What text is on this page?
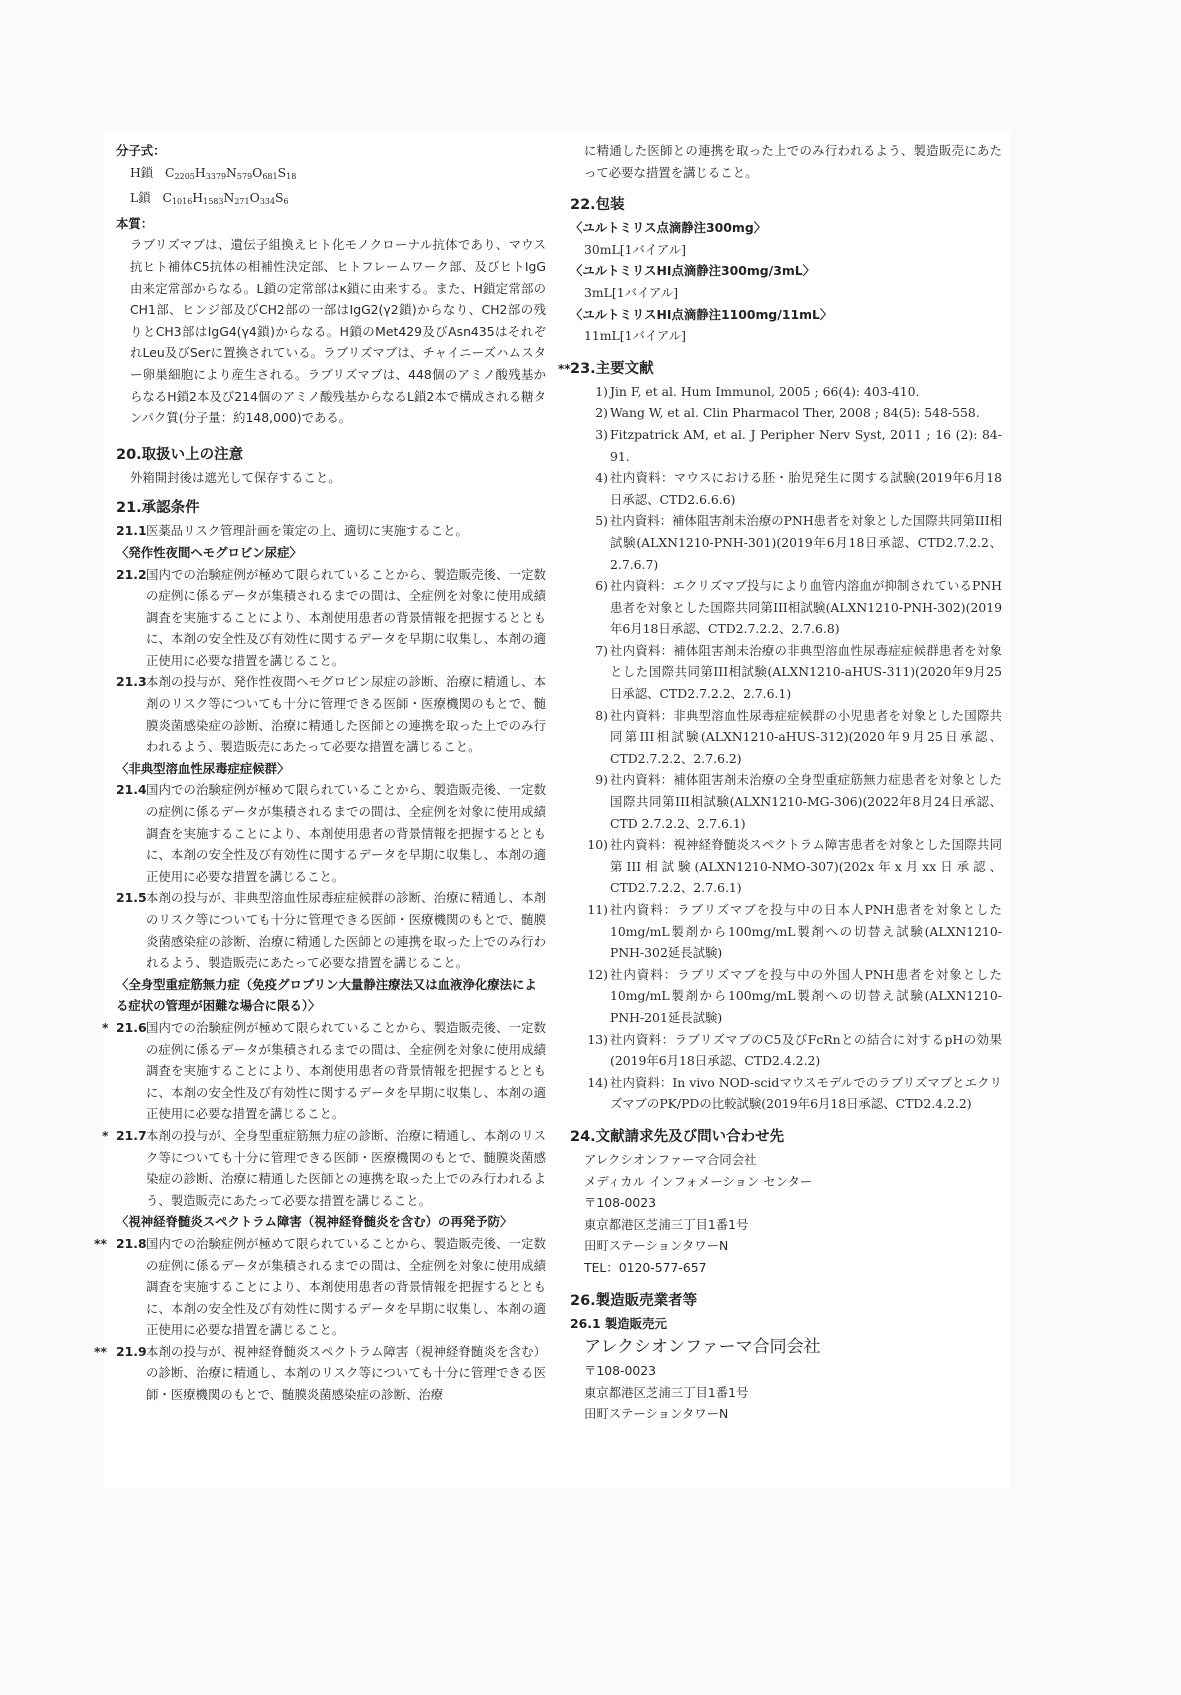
分子式：
H鎖 $C_{2205}H_{3379}N_{579}O_{681}S_{18}$
L鎖 $C_{1016}H_{1583}N_{271}O_{334}S_6$
本質：
ラブリズマブは、遺伝子組換えヒト化モノクローナル抗体であり、マウス抗ヒト補体C5抗体の相補性決定部、ヒトフレームワーク部、及びヒトIgG由来定常部からなる。L鎖の定常部はκ鎖に由来する。また、H鎖定常部のCH1部、ヒンジ部及びCH2部の一部はIgG2(γ2鎖)からなり、CH2部の残りとCH3部はIgG4(γ4鎖)からなる。H鎖のMet429及びAsn435はそれぞれLeu及びSerに置換されている。ラブリズマブは、チャイニーズハムスター卵巣細胞により産生される。ラブリズマブは、448個のアミノ酸残基からなるH鎖2本及び214個のアミノ酸残基からなるL鎖2本で構成される糖タンパク質(分子量：約148,000)である。
20.取扱い上の注意
外箱開封後は遮光して保存すること。
21.承認条件
21.1 医薬品リスク管理計画を策定の上、適切に実施すること。
〈発作性夜間ヘモグロビン尿症〉
21.2 国内での治験症例が極めて限られていることから、製造販売後、一定数の症例に係るデータが集積されるまでの間は、全症例を対象に使用成績調査を実施することにより、本剤使用患者の背景情報を把握するとともに、本剤の安全性及び有効性に関するデータを早期に収集し、本剤の適正使用に必要な措置を講じること。
21.3 本剤の投与が、発作性夜間ヘモグロビン尿症の診断、治療に精通し、本剤のリスク等についても十分に管理できる医師・医療機関のもとで、髄膜炎菌感染症の診断、治療に精通した医師との連携を取った上でのみ行われるよう、製造販売にあたって必要な措置を講じること。
〈非典型溶血性尿毒症症候群〉
21.4 国内での治験症例が極めて限られていることから、製造販売後、一定数の症例に係るデータが集積されるまでの間は、全症例を対象に使用成績調査を実施することにより、本剤使用患者の背景情報を把握するとともに、本剤の安全性及び有効性に関するデータを早期に収集し、本剤の適正使用に必要な措置を講じること。
21.5 本剤の投与が、非典型溶血性尿毒症症候群の診断、治療に精通し、本剤のリスク等についても十分に管理できる医師・医療機関のもとで、髄膜炎菌感染症の診断、治療に精通した医師との連携を取った上でのみ行われるよう、製造販売にあたって必要な措置を講じること。
〈全身型重症筋無力症（免疫グロブリン大量静注療法又は血液浄化療法による症状の管理が困難な場合に限る）〉
* 21.6 国内での治験症例が極めて限られていることから、製造販売後、一定数の症例に係るデータが集積されるまでの間は、全症例を対象に使用成績調査を実施することにより、本剤使用患者の背景情報を把握するとともに、本剤の安全性及び有効性に関するデータを早期に収集し、本剤の適正使用に必要な措置を講じること。
* 21.7 本剤の投与が、全身型重症筋無力症の診断、治療に精通し、本剤のリスク等についても十分に管理できる医師・医療機関のもとで、髄膜炎菌感染症の診断、治療に精通した医師との連携を取った上でのみ行われるよう、製造販売にあたって必要な措置を講じること。
〈視神経脊髄炎スペクトラム障害（視神経脊髄炎を含む）の再発予防〉
** 21.8 国内での治験症例が極めて限られていることから、製造販売後、一定数の症例に係るデータが集積されるまでの間は、全症例を対象に使用成績調査を実施することにより、本剤使用患者の背景情報を把握するとともに、本剤の安全性及び有効性に関するデータを早期に収集し、本剤の適正使用に必要な措置を講じること。
** 21.9 本剤の投与が、視神経脊髄炎スペクトラム障害（視神経脊髄炎を含む）の診断、治療に精通し、本剤のリスク等についても十分に管理できる医師・医療機関のもとで、髄膜炎菌感染症の診断、治療
に精通した医師との連携を取った上でのみ行われるよう、製造販売にあたって必要な措置を講じること。
22.包装
〈ユルトミリス点滴静注300mg〉
30mL[1バイアル]
〈ユルトミリスHI点滴静注300mg/3mL〉
3mL[1バイアル]
〈ユルトミリスHI点滴静注1100mg/11mL〉
11mL[1バイアル]
** 23.主要文献
1) Jin F, et al. Hum Immunol, 2005 ; 66(4): 403-410.
2) Wang W, et al. Clin Pharmacol Ther, 2008 ; 84(5): 548-558.
3) Fitzpatrick AM, et al. J Peripher Nerv Syst, 2011 ; 16 (2): 84-91.
4) 社内資料：マウスにおける胚・胎児発生に関する試験(2019年6月18日承認、CTD2.6.6.6)
5) 社内資料：補体阻害剤未治療のPNH患者を対象とした国際共同第III相試験(ALXN1210-PNH-301)(2019年6月18日承認、CTD2.7.2.2、2.7.6.7)
6) 社内資料：エクリズマブ投与により血管内溶血が抑制されているPNH患者を対象とした国際共同第III相試験(ALXN1210-PNH-302)(2019年6月18日承認、CTD2.7.2.2、2.7.6.8)
7) 社内資料：補体阻害剤未治療の非典型溶血性尿毒症症候群患者を対象とした国際共同第III相試験(ALXN1210-aHUS-311)(2020年9月25日承認、CTD2.7.2.2、2.7.6.1)
8) 社内資料：非典型溶血性尿毒症症候群の小児患者を対象とした国際共同第III相試験(ALXN1210-aHUS-312)(2020年9月25日承認、CTD2.7.2.2、2.7.6.2)
9) 社内資料：補体阻害剤未治療の全身型重症筋無力症患者を対象とした国際共同第III相試験(ALXN1210-MG-306)(2022年8月24日承認、CTD 2.7.2.2、2.7.6.1)
10) 社内資料：視神経脊髄炎スペクトラム障害患者を対象とした国際共同第III相試験(ALXN1210-NMO-307)(202x年x月xx日承認、CTD2.7.2.2、2.7.6.1)
11) 社内資料：ラブリズマブを投与中の日本人PNH患者を対象とした10mg/mL製剤から100mg/mL製剤への切替え試験(ALXN1210-PNH-302延長試験)
12) 社内資料：ラブリズマブを投与中の外国人PNH患者を対象とした10mg/mL製剤から100mg/mL製剤への切替え試験(ALXN1210-PNH-201延長試験)
13) 社内資料：ラブリズマブのC5及びFcRnとの結合に対するpHの効果(2019年6月18日承認、CTD2.4.2.2)
14) 社内資料：In vivo NOD-scidマウスモデルでのラブリズマブとエクリズマブのPK/PDの比較試験(2019年6月18日承認、CTD2.4.2.2)
24.文献請求先及び問い合わせ先
アレクシオンファーマ合同会社
メディカル インフォメーション センター
〒108-0023
東京都港区芝浦三丁目1番1号
田町ステーションタワーN
TEL：0120-577-657
26.製造販売業者等
26.1 製造販売元
アレクシオンファーマ合同会社
〒108-0023
東京都港区芝浦三丁目1番1号
田町ステーションタワーN
